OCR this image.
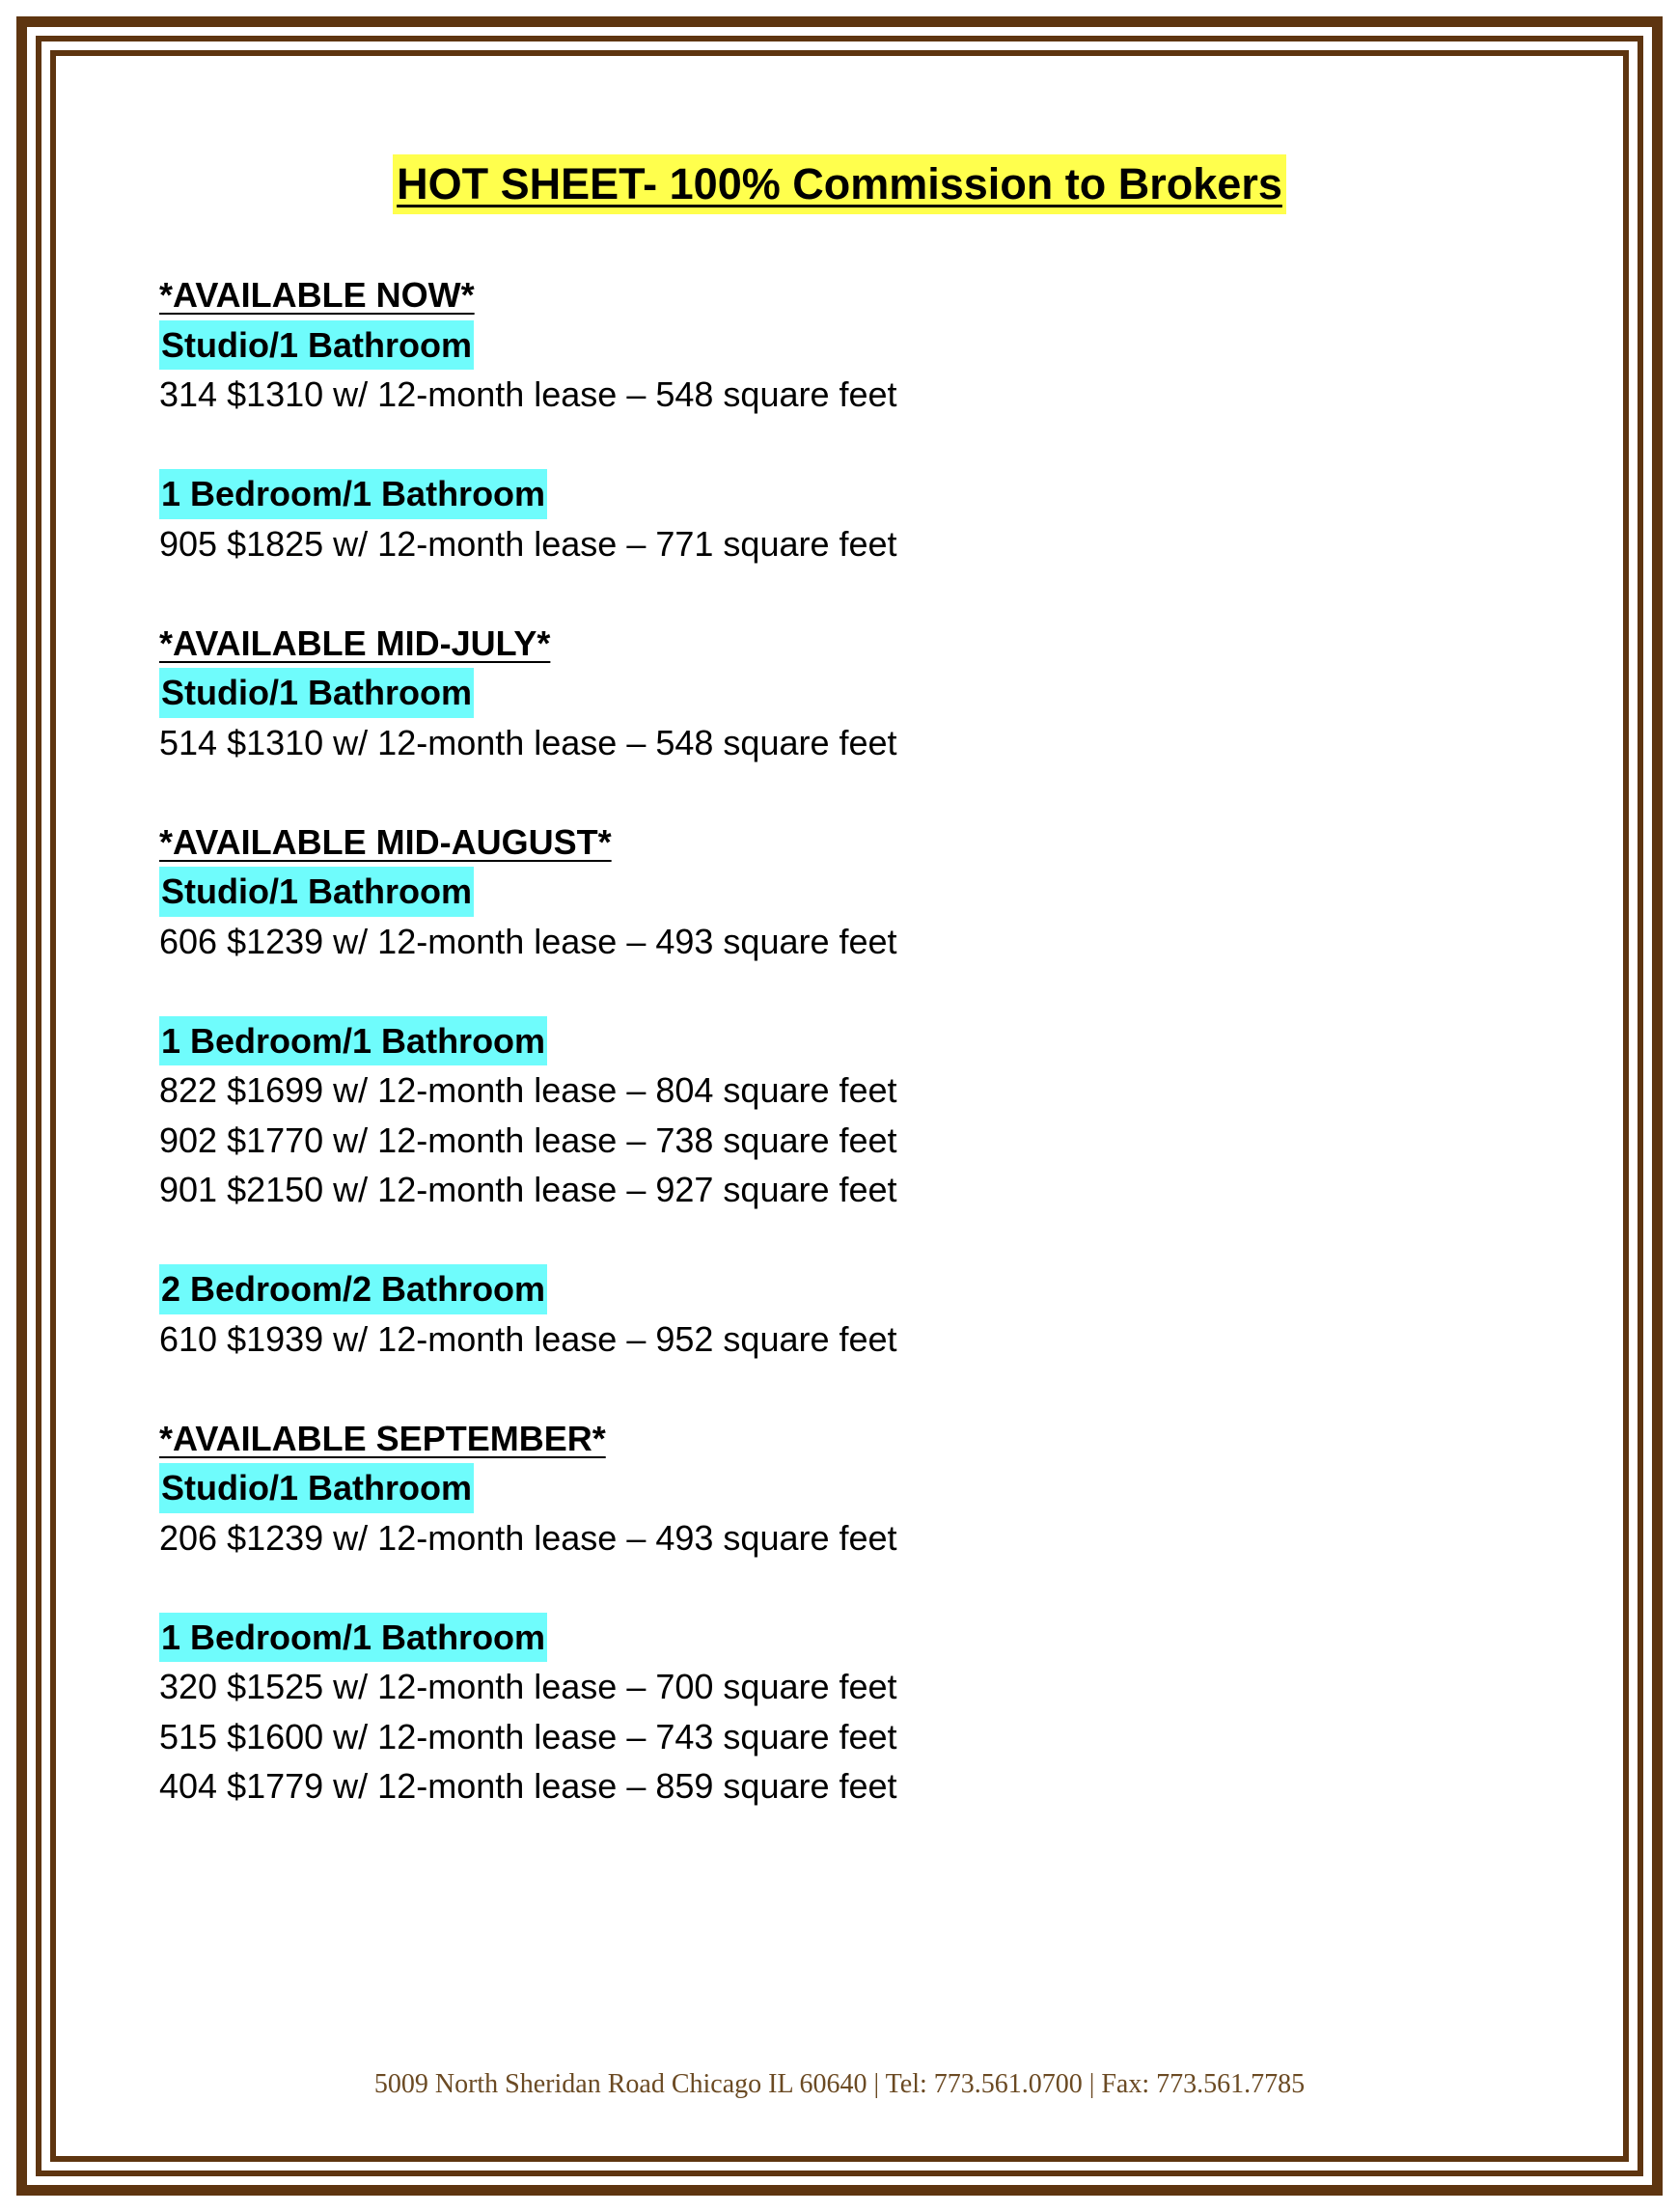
HOT SHEET- 100% Commission to Brokers
*AVAILABLE NOW*
Studio/1 Bathroom
314 $1310 w/ 12-month lease – 548 square feet
1 Bedroom/1 Bathroom
905 $1825 w/ 12-month lease – 771 square feet
*AVAILABLE MID-JULY*
Studio/1 Bathroom
514 $1310 w/ 12-month lease – 548 square feet
*AVAILABLE MID-AUGUST*
Studio/1 Bathroom
606 $1239 w/ 12-month lease – 493 square feet
1 Bedroom/1 Bathroom
822 $1699 w/ 12-month lease – 804 square feet
902 $1770 w/ 12-month lease – 738 square feet
901 $2150 w/ 12-month lease – 927 square feet
2 Bedroom/2 Bathroom
610 $1939 w/ 12-month lease – 952 square feet
*AVAILABLE SEPTEMBER*
Studio/1 Bathroom
206 $1239 w/ 12-month lease – 493 square feet
1 Bedroom/1 Bathroom
320 $1525 w/ 12-month lease – 700 square feet
515 $1600 w/ 12-month lease – 743 square feet
404 $1779 w/ 12-month lease – 859 square feet
5009 North Sheridan Road Chicago IL 60640 | Tel: 773.561.0700 | Fax: 773.561.7785
